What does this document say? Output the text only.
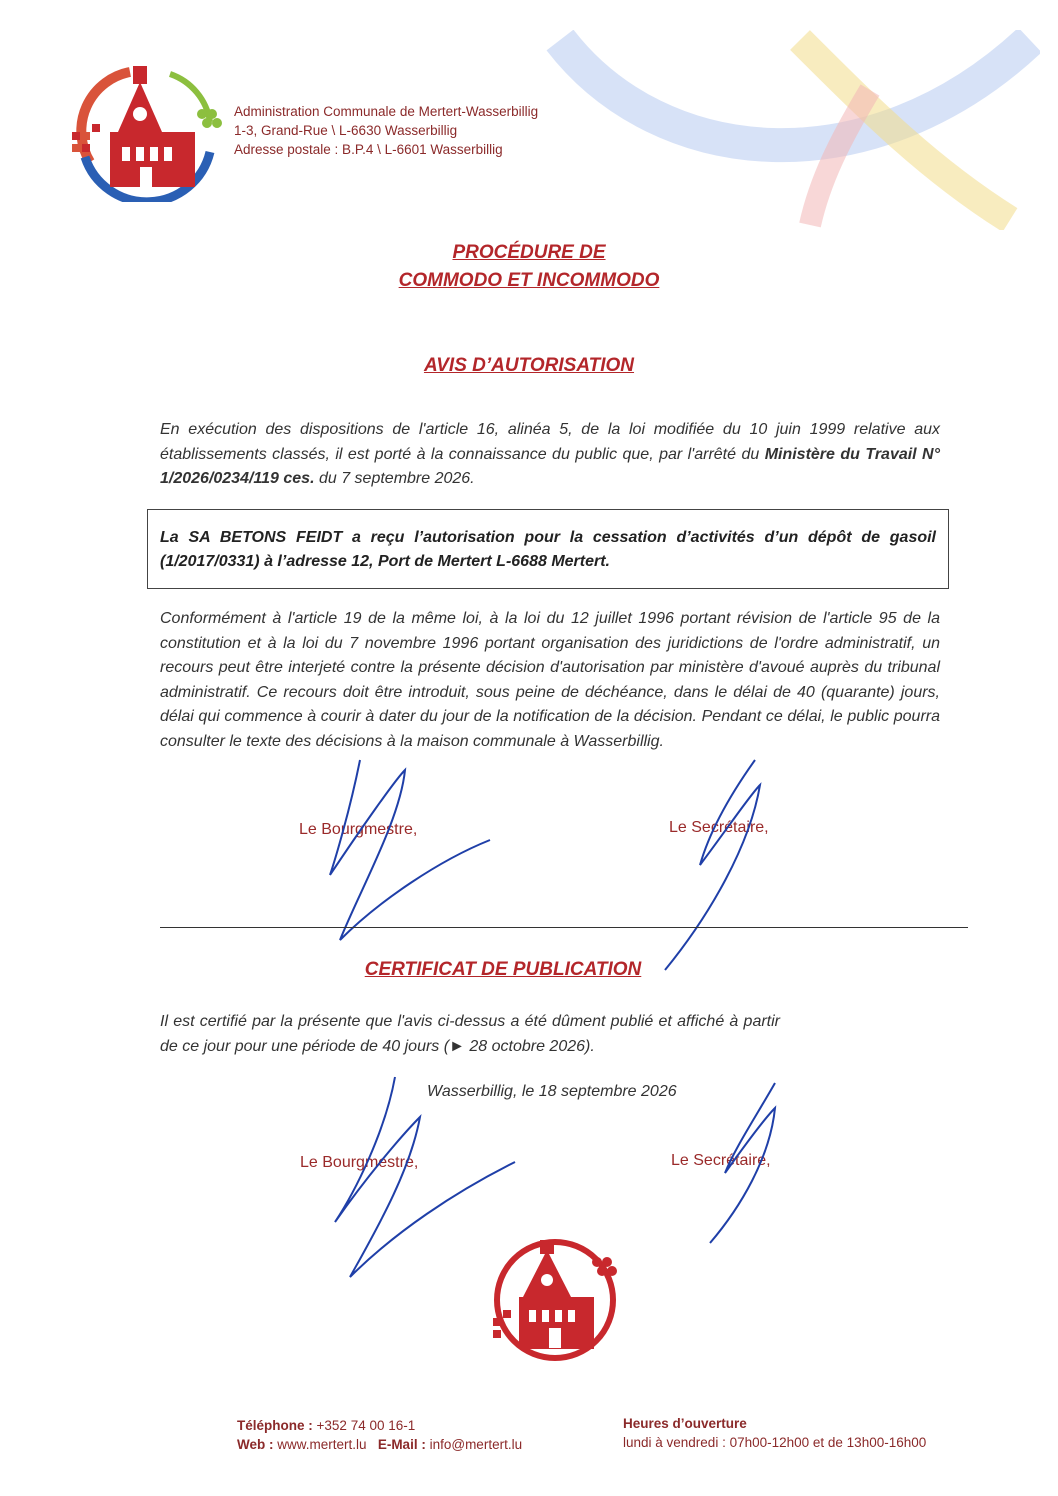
Administration Communale de Mertert-Wasserbillig
1-3, Grand-Rue \ L-6630 Wasserbillig
Adresse postale : B.P.4 \ L-6601 Wasserbillig
PROCÉDURE DE
COMMODO ET INCOMMODO
AVIS D’AUTORISATION
En exécution des dispositions de l'article 16, alinéa 5, de la loi modifiée du 10 juin 1999 relative aux établissements classés, il est porté à la connaissance du public que, par l'arrêté du Ministère du Travail N° 1/2026/0234/119 ces. du 7 septembre 2026.
La SA BETONS FEIDT a reçu l’autorisation pour la cessation d’activités d’un dépôt de gasoil (1/2017/0331) à l’adresse 12, Port de Mertert L-6688 Mertert.
Conformément à l'article 19 de la même loi, à la loi du 12 juillet 1996 portant révision de l'article 95 de la constitution et à la loi du 7 novembre 1996 portant organisation des juridictions de l'ordre administratif, un recours peut être interjeté contre la présente décision d'autorisation par ministère d'avoué auprès du tribunal administratif. Ce recours doit être introduit, sous peine de déchéance, dans le délai de 40 (quarante) jours, délai qui commence à courir à dater du jour de la notification de la décision. Pendant ce délai, le public pourra consulter le texte des décisions à la maison communale à Wasserbillig.
Le Bourgmestre,	Le Secrétaire,
CERTIFICAT DE PUBLICATION
Il est certifié par la présente que l'avis ci-dessus a été dûment publié et affiché à partir de ce jour pour une période de 40 jours (► 28 octobre 2026).
Wasserbillig, le 18 septembre 2026
Le Bourgmestre,	Le Secrétaire,
Téléphone : +352 74 00 16-1
Web : www.mertert.lu E-Mail : info@mertert.lu
Heures d’ouverture
lundi à vendredi : 07h00-12h00 et de 13h00-16h00
